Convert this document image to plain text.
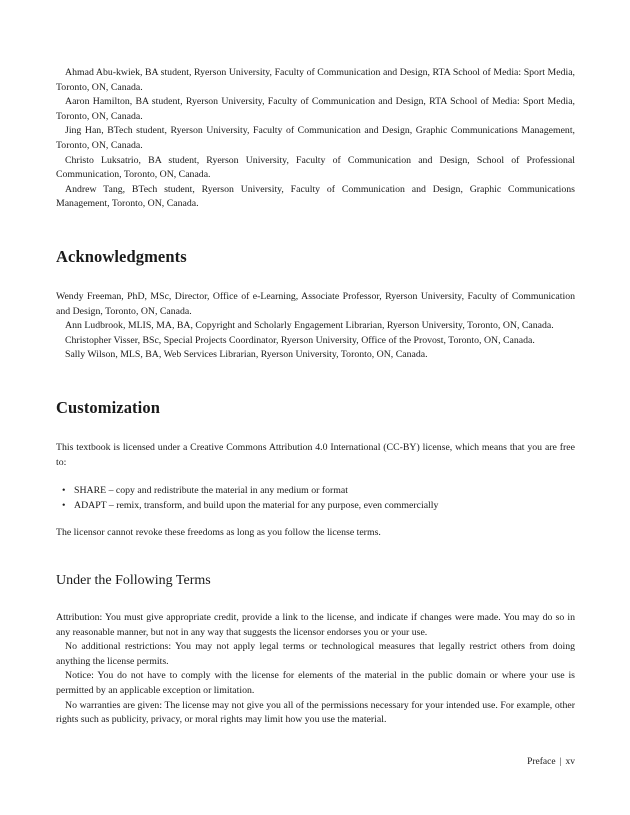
Ahmad Abu-kwiek, BA student, Ryerson University, Faculty of Communication and Design, RTA School of Media: Sport Media, Toronto, ON, Canada.

Aaron Hamilton, BA student, Ryerson University, Faculty of Communication and Design, RTA School of Media: Sport Media, Toronto, ON, Canada.

Jing Han, BTech student, Ryerson University, Faculty of Communication and Design, Graphic Communications Management, Toronto, ON, Canada.

Christo Luksatrio, BA student, Ryerson University, Faculty of Communication and Design, School of Professional Communication, Toronto, ON, Canada.

Andrew Tang, BTech student, Ryerson University, Faculty of Communication and Design, Graphic Communications Management, Toronto, ON, Canada.

Acknowledgments

Wendy Freeman, PhD, MSc, Director, Office of e-Learning, Associate Professor, Ryerson University, Faculty of Communication and Design, Toronto, ON, Canada.

Ann Ludbrook, MLIS, MA, BA, Copyright and Scholarly Engagement Librarian, Ryerson University, Toronto, ON, Canada.

Christopher Visser, BSc, Special Projects Coordinator, Ryerson University, Office of the Provost, Toronto, ON, Canada.

Sally Wilson, MLS, BA, Web Services Librarian, Ryerson University, Toronto, ON, Canada.

Customization

This textbook is licensed under a Creative Commons Attribution 4.0 International (CC-BY) license, which means that you are free to:

• SHARE – copy and redistribute the material in any medium or format
• ADAPT – remix, transform, and build upon the material for any purpose, even commercially

The licensor cannot revoke these freedoms as long as you follow the license terms.

Under the Following Terms

Attribution: You must give appropriate credit, provide a link to the license, and indicate if changes were made. You may do so in any reasonable manner, but not in any way that suggests the licensor endorses you or your use.

No additional restrictions: You may not apply legal terms or technological measures that legally restrict others from doing anything the license permits.

Notice: You do not have to comply with the license for elements of the material in the public domain or where your use is permitted by an applicable exception or limitation.

No warranties are given: The license may not give you all of the permissions necessary for your intended use. For example, other rights such as publicity, privacy, or moral rights may limit how you use the material.

Preface | xv
